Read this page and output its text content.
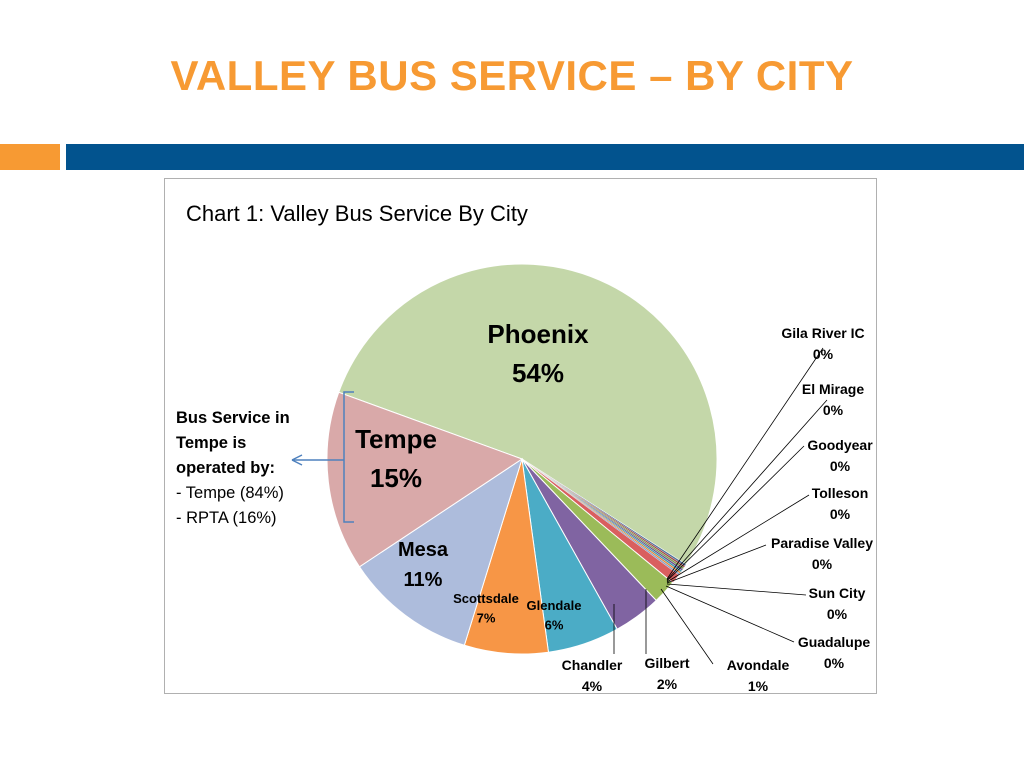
VALLEY BUS SERVICE – BY CITY
Chart 1: Valley Bus Service By City
Phoenix 54%
Gila River IC 0%
El Mirage 0%
Goodyear 0%
Tolleson 0%
Paradise Valley 0%
Sun City 0%
Guadalupe 0%
Avondale 1%
Gilbert 2%
Chandler 4%
Glendale 6%
Scottsdale 7%
Mesa 11%
Tempe 15%
Bus Service in
Tempe is
operated by:
- Tempe (84%)
- RPTA (16%)
